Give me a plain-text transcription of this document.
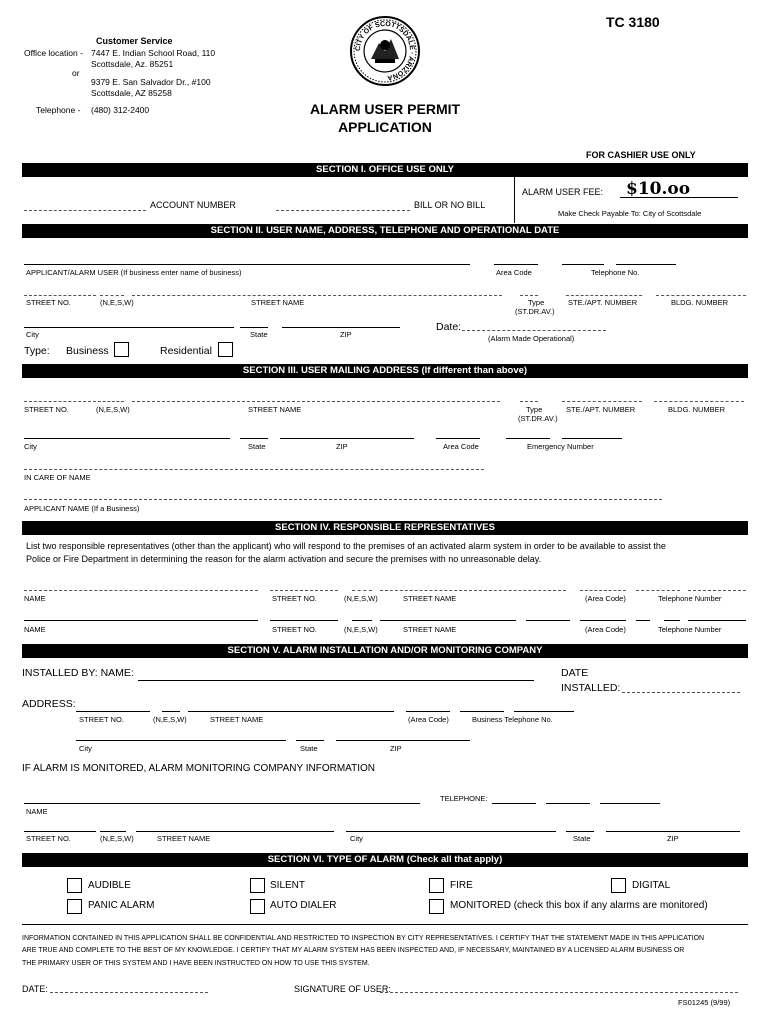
TC 3180
Customer Service
Office location - 7447 E. Indian School Road, 110
Scottsdale, Az. 85251
or
9379 E. San Salvador Dr., #100
Scottsdale, AZ 85258
Telephone - (480) 312-2400
CITY OF SCOTTSDALE · ARIZONA
ALARM USER PERMIT
APPLICATION
FOR CASHIER USE ONLY
SECTION I. OFFICE USE ONLY
ALARM USER FEE: $10.oo
Make Check Payable To: City of Scottsdale
ACCOUNT NUMBER	BILL OR NO BILL
SECTION II. USER NAME, ADDRESS, TELEPHONE AND OPERATIONAL DATE
APPLICANT/ALARM USER (If business enter name of business)	Area Code	Telephone No.
STREET NO.	(N,E,S,W)	STREET NAME	Type
(ST.DR.AV.)
STE./APT. NUMBER	BLDG. NUMBER
City	State	ZIP
Date:
(Alarm Made Operational)
Type: Business	Residential
SECTION III. USER MAILING ADDRESS (If different than above)
STREET NO.	(N,E,S,W)	STREET NAME	Type
(ST.DR.AV.)
STE./APT. NUMBER	BLDG. NUMBER
City	State	ZIP	Area Code	Emergency Number
IN CARE OF NAME
APPLICANT NAME (If a Business)
SECTION IV. RESPONSIBLE REPRESENTATIVES
List two responsible representatives (other than the applicant) who will respond to the premises of an activated alarm system in order to be available to assist the
Police or Fire Department in determining the reason for the alarm activation and secure the premises with no unreasonable delay.
NAME	STREET NO.	(N,E,S,W)	STREET NAME	(Area Code)	Telephone Number
NAME	STREET NO.	(N,E,S,W)	STREET NAME	(Area Code)	Telephone Number
SECTION V. ALARM INSTALLATION AND/OR MONITORING COMPANY
INSTALLED BY: NAME:	DATE
INSTALLED:
ADDRESS:
STREET NO.	(N,E,S,W)	STREET NAME	(Area Code)	Business Telephone No.
City	State	ZIP
IF ALARM IS MONITORED, ALARM MONITORING COMPANY INFORMATION
TELEPHONE:
NAME
STREET NO.	(N,E,S,W)	STREET NAME	City	State	ZIP
SECTION VI. TYPE OF ALARM (Check all that apply)
AUDIBLE	SILENT	FIRE	DIGITAL
PANIC ALARM	AUTO DIALER	MONITORED (check this box if any alarms are monitored)
INFORMATION CONTAINED IN THIS APPLICATION SHALL BE CONFIDENTIAL AND RESTRICTED TO INSPECTION BY CITY REPRESENTATIVES. I CERTIFY THAT THE STATEMENT MADE IN THIS APPLICATION
ARE TRUE AND COMPLETE TO THE BEST OF MY KNOWLEDGE. I CERTIFY THAT MY ALARM SYSTEM HAS BEEN INSPECTED AND, IF NECESSARY, MAINTAINED BY A LICENSED ALARM BUSINESS OR
THE PRIMARY USER OF THIS SYSTEM AND I HAVE BEEN INSTRUCTED ON HOW TO USE THIS SYSTEM.
DATE:	SIGNATURE OF USER:
FS01245 (9/99)
